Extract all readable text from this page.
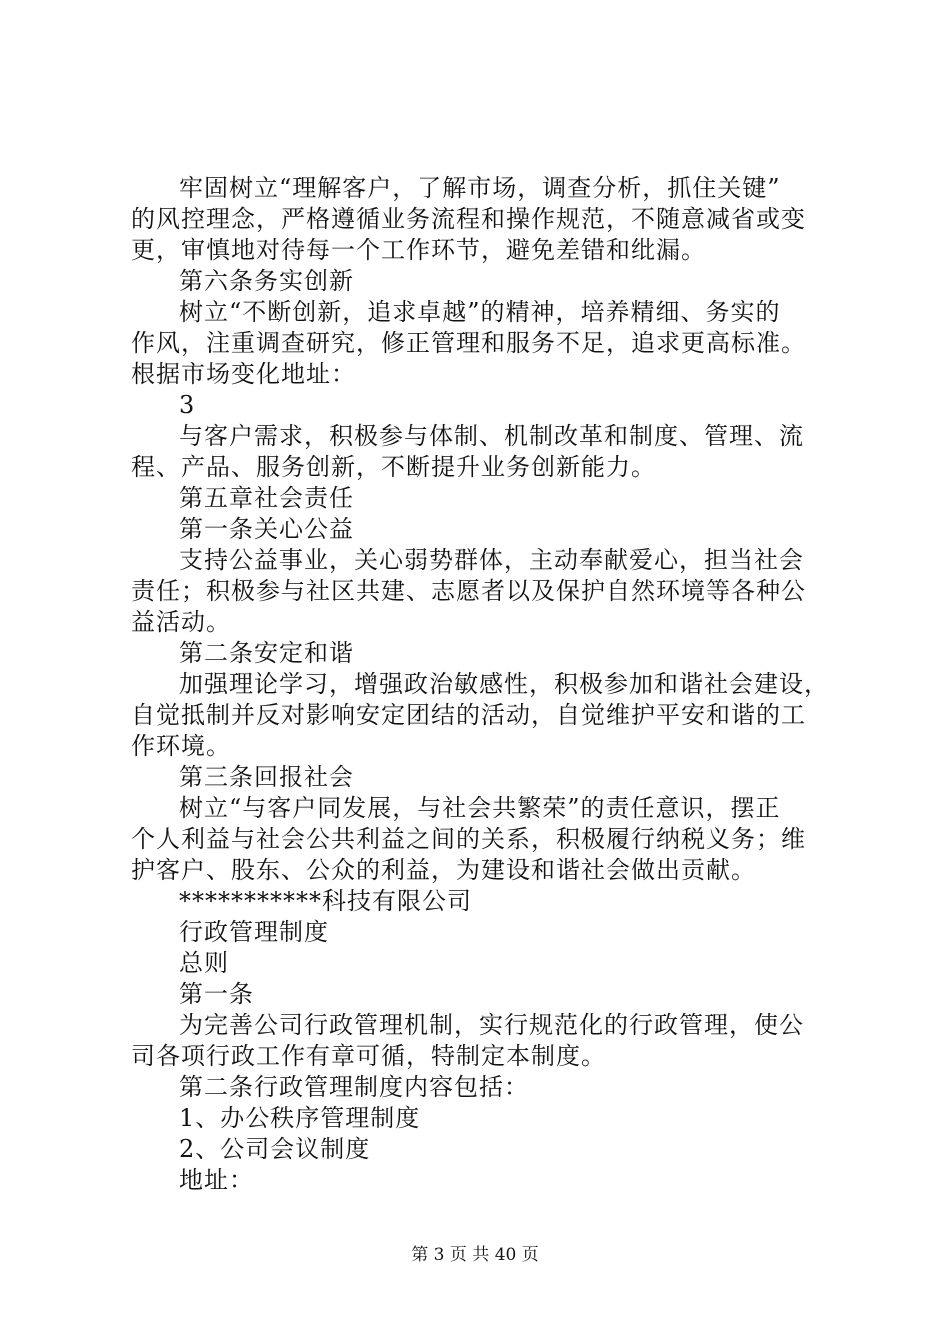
牢固树立“理解客户，了解市场，调查分析，抓住关键”
的风控理念，严格遵循业务流程和操作规范，不随意减省或变
更，审慎地对待每一个工作环节，避免差错和纰漏。
第六条务实创新
树立“不断创新，追求卓越”的精神，培养精细、务实的
作风，注重调查研究，修正管理和服务不足，追求更高标准。
根据市场变化地址：
3
与客户需求，积极参与体制、机制改革和制度、管理、流
程、产品、服务创新，不断提升业务创新能力。
第五章社会责任
第一条关心公益
支持公益事业，关心弱势群体，主动奉献爱心，担当社会
责任；积极参与社区共建、志愿者以及保护自然环境等各种公
益活动。
第二条安定和谐
加强理论学习，增强政治敏感性，积极参加和谐社会建设，
自觉抵制并反对影响安定团结的活动，自觉维护平安和谐的工
作环境。
第三条回报社会
树立“与客户同发展，与社会共繁荣”的责任意识，摆正
个人利益与社会公共利益之间的关系，积极履行纳税义务；维
护客户、股东、公众的利益，为建设和谐社会做出贡献。
***********科技有限公司
行政管理制度
总则
第一条
为完善公司行政管理机制，实行规范化的行政管理，使公
司各项行政工作有章可循，特制定本制度。
第二条行政管理制度内容包括：
1、办公秩序管理制度
2、公司会议制度
地址：
第 3 页 共 40 页
